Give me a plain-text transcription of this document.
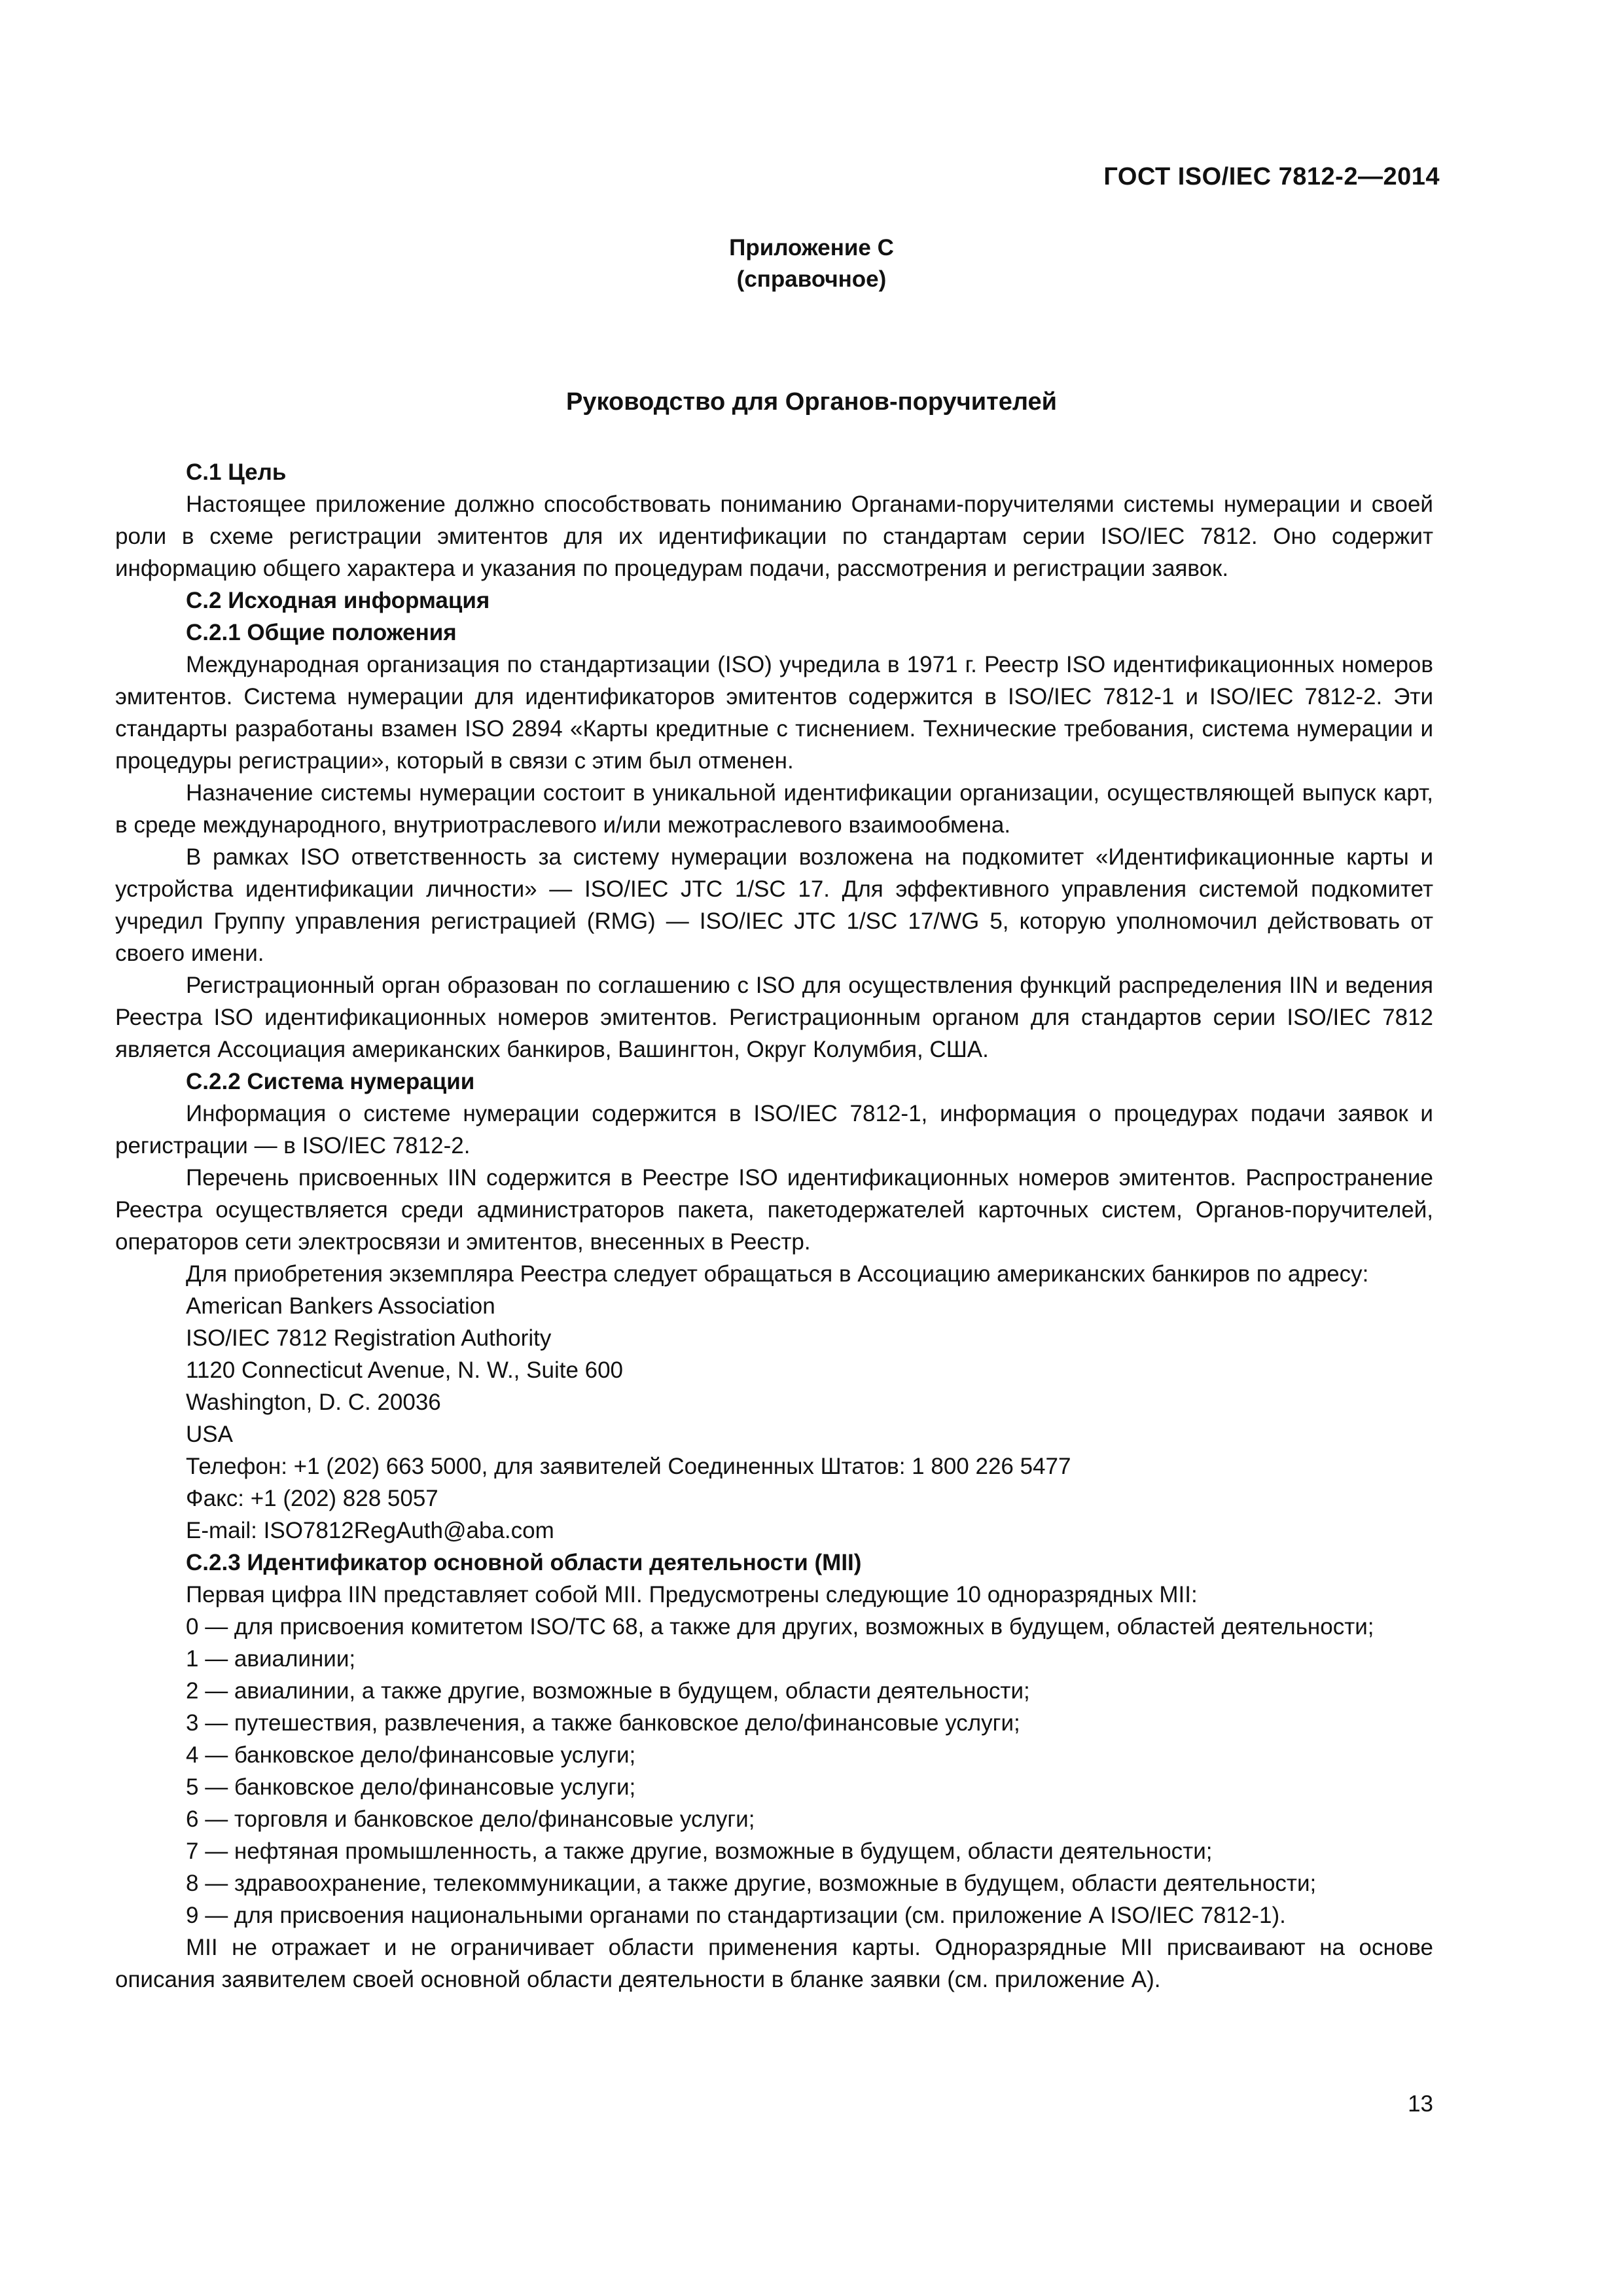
ГОСТ ISO/IEC 7812-2—2014
Приложение С
(справочное)
Руководство для Органов-поручителей

С.1 Цель

Настоящее приложение должно способствовать пониманию Органами-поручителями системы нумерации и своей роли в схеме регистрации эмитентов для их идентификации по стандартам серии ISO/IEC 7812. Оно содержит информацию общего характера и указания по процедурам подачи, рассмотрения и регистрации заявок.

С.2 Исходная информация

С.2.1 Общие положения

Международная организация по стандартизации (ISO) учредила в 1971 г. Реестр ISO идентификационных номеров эмитентов. Система нумерации для идентификаторов эмитентов содержится в ISO/IEC 7812-1 и ISO/IEC 7812-2. Эти стандарты разработаны взамен ISO 2894 «Карты кредитные с тиснением. Технические требования, система нумерации и процедуры регистрации», который в связи с этим был отменен.

Назначение системы нумерации состоит в уникальной идентификации организации, осуществляющей выпуск карт, в среде международного, внутриотраслевого и/или межотраслевого взаимообмена.

В рамках ISO ответственность за систему нумерации возложена на подкомитет «Идентификационные карты и устройства идентификации личности» — ISO/IEC JTC 1/SC 17. Для эффективного управления системой подкомитет учредил Группу управления регистрацией (RMG) — ISO/IEC JTC 1/SC 17/WG 5, которую уполномочил действовать от своего имени.

Регистрационный орган образован по соглашению с ISO для осуществления функций распределения IIN и ведения Реестра ISO идентификационных номеров эмитентов. Регистрационным органом для стандартов серии ISO/IEC 7812 является Ассоциация американских банкиров, Вашингтон, Округ Колумбия, США.

С.2.2 Система нумерации

Информация о системе нумерации содержится в ISO/IEC 7812-1, информация о процедурах подачи заявок и регистрации — в ISO/IEC 7812-2.

Перечень присвоенных IIN содержится в Реестре ISO идентификационных номеров эмитентов. Распространение Реестра осуществляется среди администраторов пакета, пакетодержателей карточных систем, Органов-поручителей, операторов сети электросвязи и эмитентов, внесенных в Реестр.

Для приобретения экземпляра Реестра следует обращаться в Ассоциацию американских банкиров по адресу:

American Bankers Association

ISO/IEC 7812 Registration Authority

1120 Connecticut Avenue, N. W., Suite 600

Washington, D. C. 20036

USA

Телефон: +1 (202) 663 5000, для заявителей Соединенных Штатов: 1 800 226 5477

Факс: +1 (202) 828 5057

E-mail: ISO7812RegAuth@aba.com

С.2.3 Идентификатор основной области деятельности (MII)

Первая цифра IIN представляет собой MII. Предусмотрены следующие 10 одноразрядных MII:

0 — для присвоения комитетом ISO/TC 68, а также для других, возможных в будущем, областей деятельности;

1 — авиалинии;

2 — авиалинии, а также другие, возможные в будущем, области деятельности;

3 — путешествия, развлечения, а также банковское дело/финансовые услуги;

4 — банковское дело/финансовые услуги;

5 — банковское дело/финансовые услуги;

6 — торговля и банковское дело/финансовые услуги;

7 — нефтяная промышленность, а также другие, возможные в будущем, области деятельности;

8 — здравоохранение, телекоммуникации, а также другие, возможные в будущем, области деятельности;

9 — для присвоения национальными органами по стандартизации (см. приложение А ISO/IEC 7812-1).

MII не отражает и не ограничивает области применения карты. Одноразрядные MII присваивают на основе описания заявителем своей основной области деятельности в бланке заявки (см. приложение А).

13
